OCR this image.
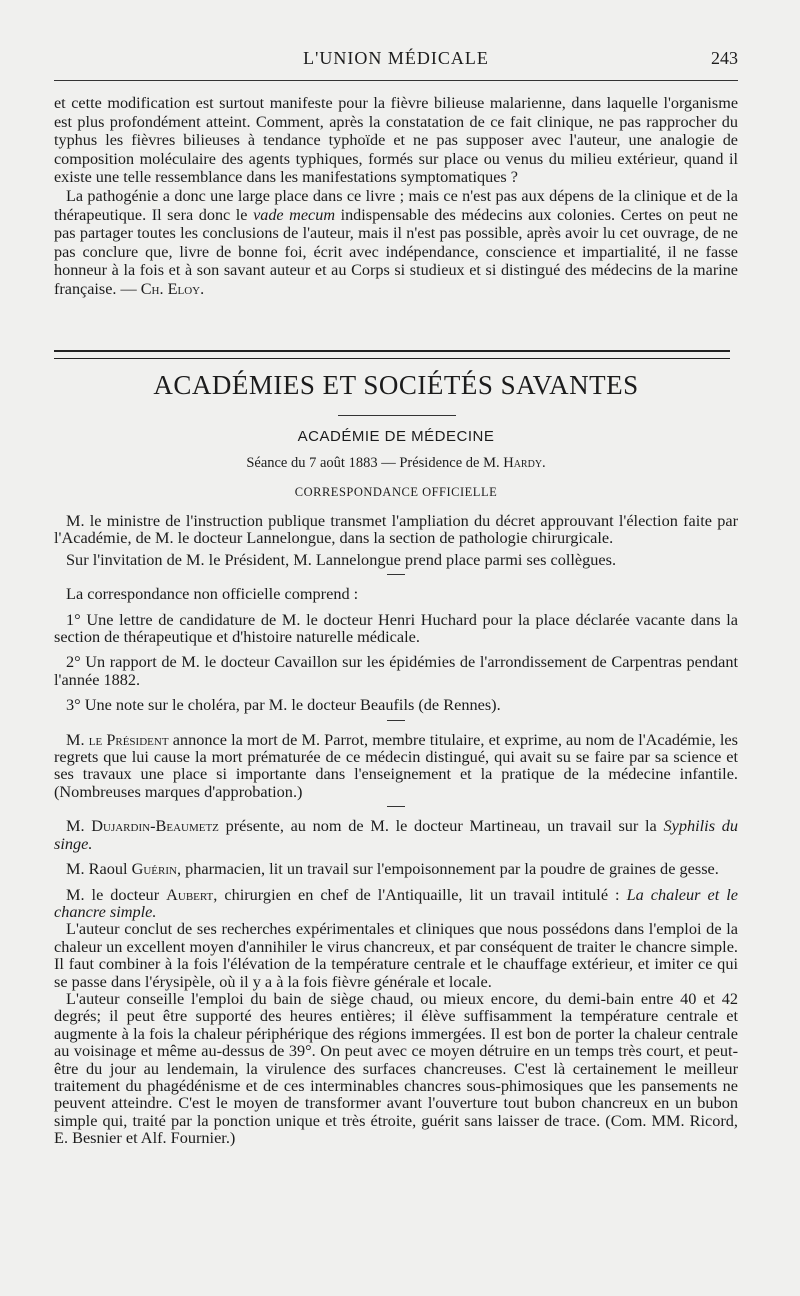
L'UNION MÉDICALE	243

et cette modification est surtout manifeste pour la fièvre bilieuse malarienne, dans laquelle l'organisme est plus profondément atteint. Comment, après la constatation de ce fait clinique, ne pas rapprocher du typhus les fièvres bilieuses à tendance typhoïde et ne pas supposer avec l'auteur, une analogie de composition moléculaire des agents typhiques, formés sur place ou venus du milieu extérieur, quand il existe une telle ressemblance dans les manifestations symptomatiques ?

La pathogénie a donc une large place dans ce livre ; mais ce n'est pas aux dépens de la clinique et de la thérapeutique. Il sera donc le vade mecum indispensable des médecins aux colonies. Certes on peut ne pas partager toutes les conclusions de l'auteur, mais il n'est pas possible, après avoir lu cet ouvrage, de ne pas conclure que, livre de bonne foi, écrit avec indépendance, conscience et impartialité, il ne fasse honneur à la fois et à son savant auteur et au Corps si studieux et si distingué des médecins de la marine française. — Ch. Eloy.

ACADÉMIES ET SOCIÉTÉS SAVANTES
ACADÉMIE DE MÉDECINE
Séance du 7 août 1883 — Présidence de M. Hardy.
CORRESPONDANCE OFFICIELLE

M. le ministre de l'instruction publique transmet l'ampliation du décret approuvant l'élection faite par l'Académie, de M. le docteur Lannelongue, dans la section de pathologie chirurgicale.

Sur l'invitation de M. le Président, M. Lannelongue prend place parmi ses collègues.

La correspondance non officielle comprend :

1° Une lettre de candidature de M. le docteur Henri Huchard pour la place déclarée vacante dans la section de thérapeutique et d'histoire naturelle médicale.

2° Un rapport de M. le docteur Cavaillon sur les épidémies de l'arrondissement de Carpentras pendant l'année 1882.

3° Une note sur le choléra, par M. le docteur Beaufils (de Rennes).

M. le Président annonce la mort de M. Parrot, membre titulaire, et exprime, au nom de l'Académie, les regrets que lui cause la mort prématurée de ce médecin distingué, qui avait su se faire par sa science et ses travaux une place si importante dans l'enseignement et la pratique de la médecine infantile. (Nombreuses marques d'approbation.)

M. Dujardin-Beaumetz présente, au nom de M. le docteur Martineau, un travail sur la Syphilis du singe.

M. Raoul Guérin, pharmacien, lit un travail sur l'empoisonnement par la poudre de graines de gesse.

M. le docteur Aubert, chirurgien en chef de l'Antiquaille, lit un travail intitulé : La chaleur et le chancre simple.

L'auteur conclut de ses recherches expérimentales et cliniques que nous possédons dans l'emploi de la chaleur un excellent moyen d'annihiler le virus chancreux, et par conséquent de traiter le chancre simple. Il faut combiner à la fois l'élévation de la température centrale et le chauffage extérieur, et imiter ce qui se passe dans l'érysipèle, où il y a à la fois fièvre générale et locale.

L'auteur conseille l'emploi du bain de siège chaud, ou mieux encore, du demi-bain entre 40 et 42 degrés; il peut être supporté des heures entières; il élève suffisamment la température centrale et augmente à la fois la chaleur périphérique des régions immergées. Il est bon de porter la chaleur centrale au voisinage et même au-dessus de 39°. On peut avec ce moyen détruire en un temps très court, et peut-être du jour au lendemain, la virulence des surfaces chancreuses. C'est là certainement le meilleur traitement du phagédénisme et de ces interminables chancres sous-phimosiques que les pansements ne peuvent atteindre. C'est le moyen de transformer avant l'ouverture tout bubon chancreux en un bubon simple qui, traité par la ponction unique et très étroite, guérit sans laisser de trace. (Com. MM. Ricord, E. Besnier et Alf. Fournier.)
